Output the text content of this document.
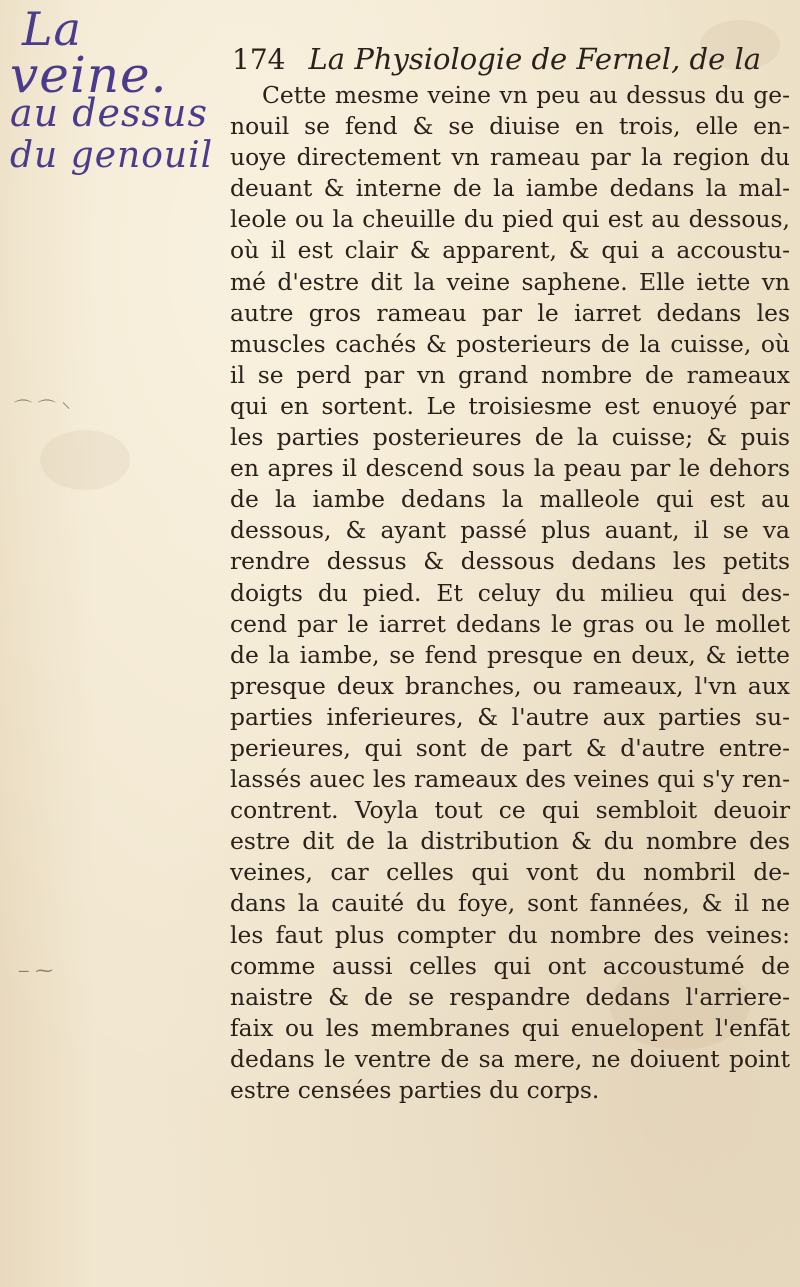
La
veine.
au dessus
du genouil
⌒ ⌒ ⸌
‒ ⁓
174 La Physiologie de Fernel, de la
Cette mesme veine vn peu au dessus du ge-
nouil se fend & se diuise en trois, elle en-
uoye directement vn rameau par la region du
deuant & interne de la iambe dedans la mal-
leole ou la cheuille du pied qui est au dessous,
où il est clair & apparent, & qui a accoustu-
mé d'estre dit la veine saphene. Elle iette vn
autre gros rameau par le iarret dedans les
muscles cachés & posterieurs de la cuisse, où
il se perd par vn grand nombre de rameaux
qui en sortent. Le troisiesme est enuoyé par
les parties posterieures de la cuisse; & puis
en apres il descend sous la peau par le dehors
de la iambe dedans la malleole qui est au
dessous, & ayant passé plus auant, il se va
rendre dessus & dessous dedans les petits
doigts du pied. Et celuy du milieu qui des-
cend par le iarret dedans le gras ou le mollet
de la iambe, se fend presque en deux, & iette
presque deux branches, ou rameaux, l'vn aux
parties inferieures, & l'autre aux parties su-
perieures, qui sont de part & d'autre entre-
lassés auec les rameaux des veines qui s'y ren-
contrent. Voyla tout ce qui sembloit deuoir
estre dit de la distribution & du nombre des
veines, car celles qui vont du nombril de-
dans la cauité du foye, sont fannées, & il ne
les faut plus compter du nombre des veines:
comme aussi celles qui ont accoustumé de
naistre & de se respandre dedans l'arriere-
faix ou les membranes qui enuelopent l'enfāt
dedans le ventre de sa mere, ne doiuent point
estre censées parties du corps.
